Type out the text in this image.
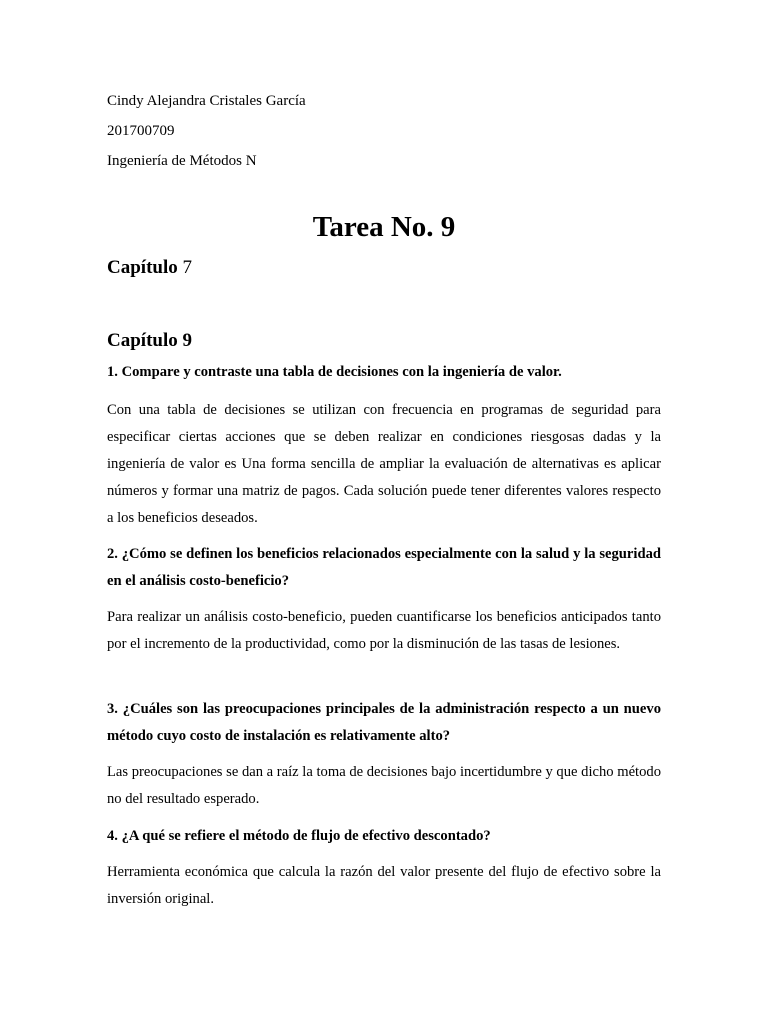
Cindy Alejandra Cristales García
201700709
Ingeniería de Métodos N
Tarea No. 9
Capítulo 7
Capítulo 9
1. Compare y contraste una tabla de decisiones con la ingeniería de valor.
Con una tabla de decisiones se utilizan con frecuencia en programas de seguridad para especificar ciertas acciones que se deben realizar en condiciones riesgosas dadas y la ingeniería de valor es Una forma sencilla de ampliar la evaluación de alternativas es aplicar números y formar una matriz de pagos. Cada solución puede tener diferentes valores respecto a los beneficios deseados.
2. ¿Cómo se definen los beneficios relacionados especialmente con la salud y la seguridad en el análisis costo-beneficio?
Para realizar un análisis costo-beneficio, pueden cuantificarse los beneficios anticipados tanto por el incremento de la productividad, como por la disminución de las tasas de lesiones.
3. ¿Cuáles son las preocupaciones principales de la administración respecto a un nuevo método cuyo costo de instalación es relativamente alto?
Las preocupaciones se dan a raíz la toma de decisiones bajo incertidumbre y que dicho método no del resultado esperado.
4. ¿A qué se refiere el método de flujo de efectivo descontado?
Herramienta económica que calcula la razón del valor presente del flujo de efectivo sobre la inversión original.
